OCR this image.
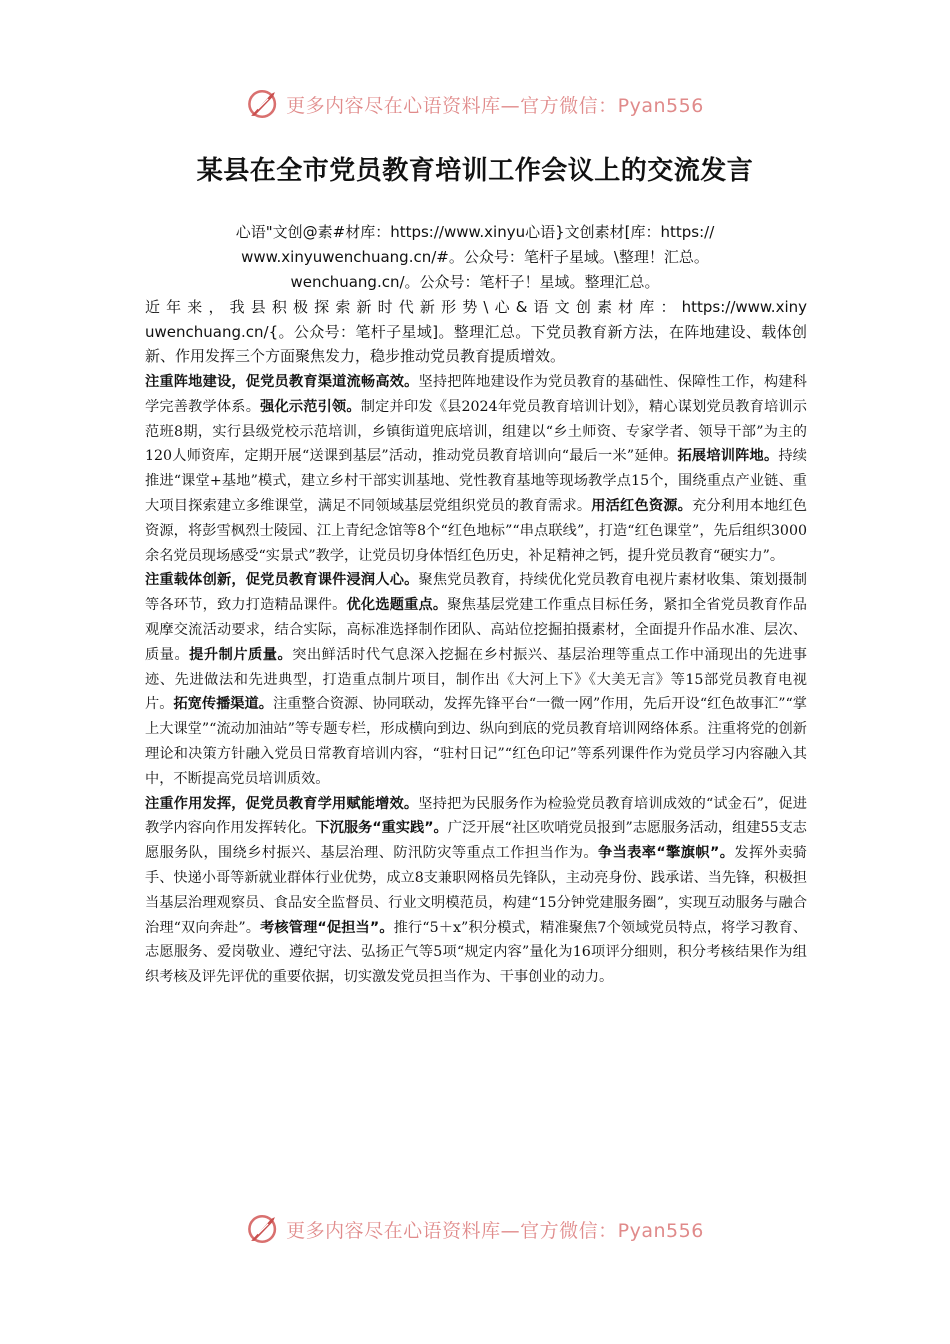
更多内容尽在心语资料库—官方微信：Pyan556
某县在全市党员教育培训工作会议上的交流发言
心语"文创@素#材库：https://www.xinyu心语}文创素材[库：https://
www.xinyuwenchuang.cn/#。公众号：笔杆子星域。\整理！汇总。
wenchuang.cn/。公众号：笔杆子！星域。整理汇总。
近年来，我县积极探索新时代新形势\心&语文创素材库：https://www.xinyuwenchuang.cn/{。公众号：笔杆子星域]。整理汇总。下党员教育新方法，在阵地建设、载体创新、作用发挥三个方面聚焦发力，稳步推动党员教育提质增效。

注重阵地建设，促党员教育渠道流畅高效。坚持把阵地建设作为党员教育的基础性、保障性工作，构建科学完善教学体系。强化示范引领。制定并印发《县2024年党员教育培训计划》，精心谋划党员教育培训示范班8期，实行县级党校示范培训，乡镇街道兜底培训，组建以“乡土师资、专家学者、领导干部”为主的120人师资库，定期开展“送课到基层”活动，推动党员教育培训向“最后一米”延伸。拓展培训阵地。持续推进“课堂+基地”模式，建立乡村干部实训基地、党性教育基地等现场教学点15个，围绕重点产业链、重大项目探索建立多维课堂，满足不同领域基层党组织党员的教育需求。用活红色资源。充分利用本地红色资源，将彭雪枫烈士陵园、江上青纪念馆等8个“红色地标”“串点联线”，打造“红色课堂”，先后组织3000余名党员现场感受“实景式”教学，让党员切身体悟红色历史，补足精神之钙，提升党员教育“硬实力”。

注重载体创新，促党员教育课件浸润人心。聚焦党员教育，持续优化党员教育电视片素材收集、策划摄制等各环节，致力打造精品课件。优化选题重点。聚焦基层党建工作重点目标任务，紧扣全省党员教育作品观摩交流活动要求，结合实际，高标准选择制作团队、高站位挖掘拍摄素材，全面提升作品水准、层次、质量。提升制片质量。突出鲜活时代气息深入挖掘在乡村振兴、基层治理等重点工作中涌现出的先进事迹、先进做法和先进典型，打造重点制片项目，制作出《大河上下》《大美无言》等15部党员教育电视片。拓宽传播渠道。注重整合资源、协同联动，发挥先锋平台“一微一网”作用，先后开设“红色故事汇”“掌上大课堂”“流动加油站”等专题专栏，形成横向到边、纵向到底的党员教育培训网络体系。注重将党的创新理论和决策方针融入党员日常教育培训内容，“驻村日记”“红色印记”等系列课件作为党员学习内容融入其中，不断提高党员培训质效。

注重作用发挥，促党员教育学用赋能增效。坚持把为民服务作为检验党员教育培训成效的“试金石”，促进教学内容向作用发挥转化。下沉服务“重实践”。广泛开展“社区吹哨党员报到”志愿服务活动，组建55支志愿服务队，围绕乡村振兴、基层治理、防汛防灾等重点工作担当作为。争当表率“擎旗帜”。发挥外卖骑手、快递小哥等新就业群体行业优势，成立8支兼职网格员先锋队，主动亮身份、践承诺、当先锋，积极担当基层治理观察员、食品安全监督员、行业文明模范员，构建“15分钟党建服务圈”，实现互动服务与融合治理“双向奔赴”。考核管理“促担当”。推行“5＋x”积分模式，精准聚焦7个领域党员特点，将学习教育、志愿服务、爱岗敬业、遵纪守法、弘扬正气等5项“规定内容”量化为16项评分细则，积分考核结果作为组织考核及评先评优的重要依据，切实激发党员担当作为、干事创业的动力。

更多内容尽在心语资料库—官方微信：Pyan556
